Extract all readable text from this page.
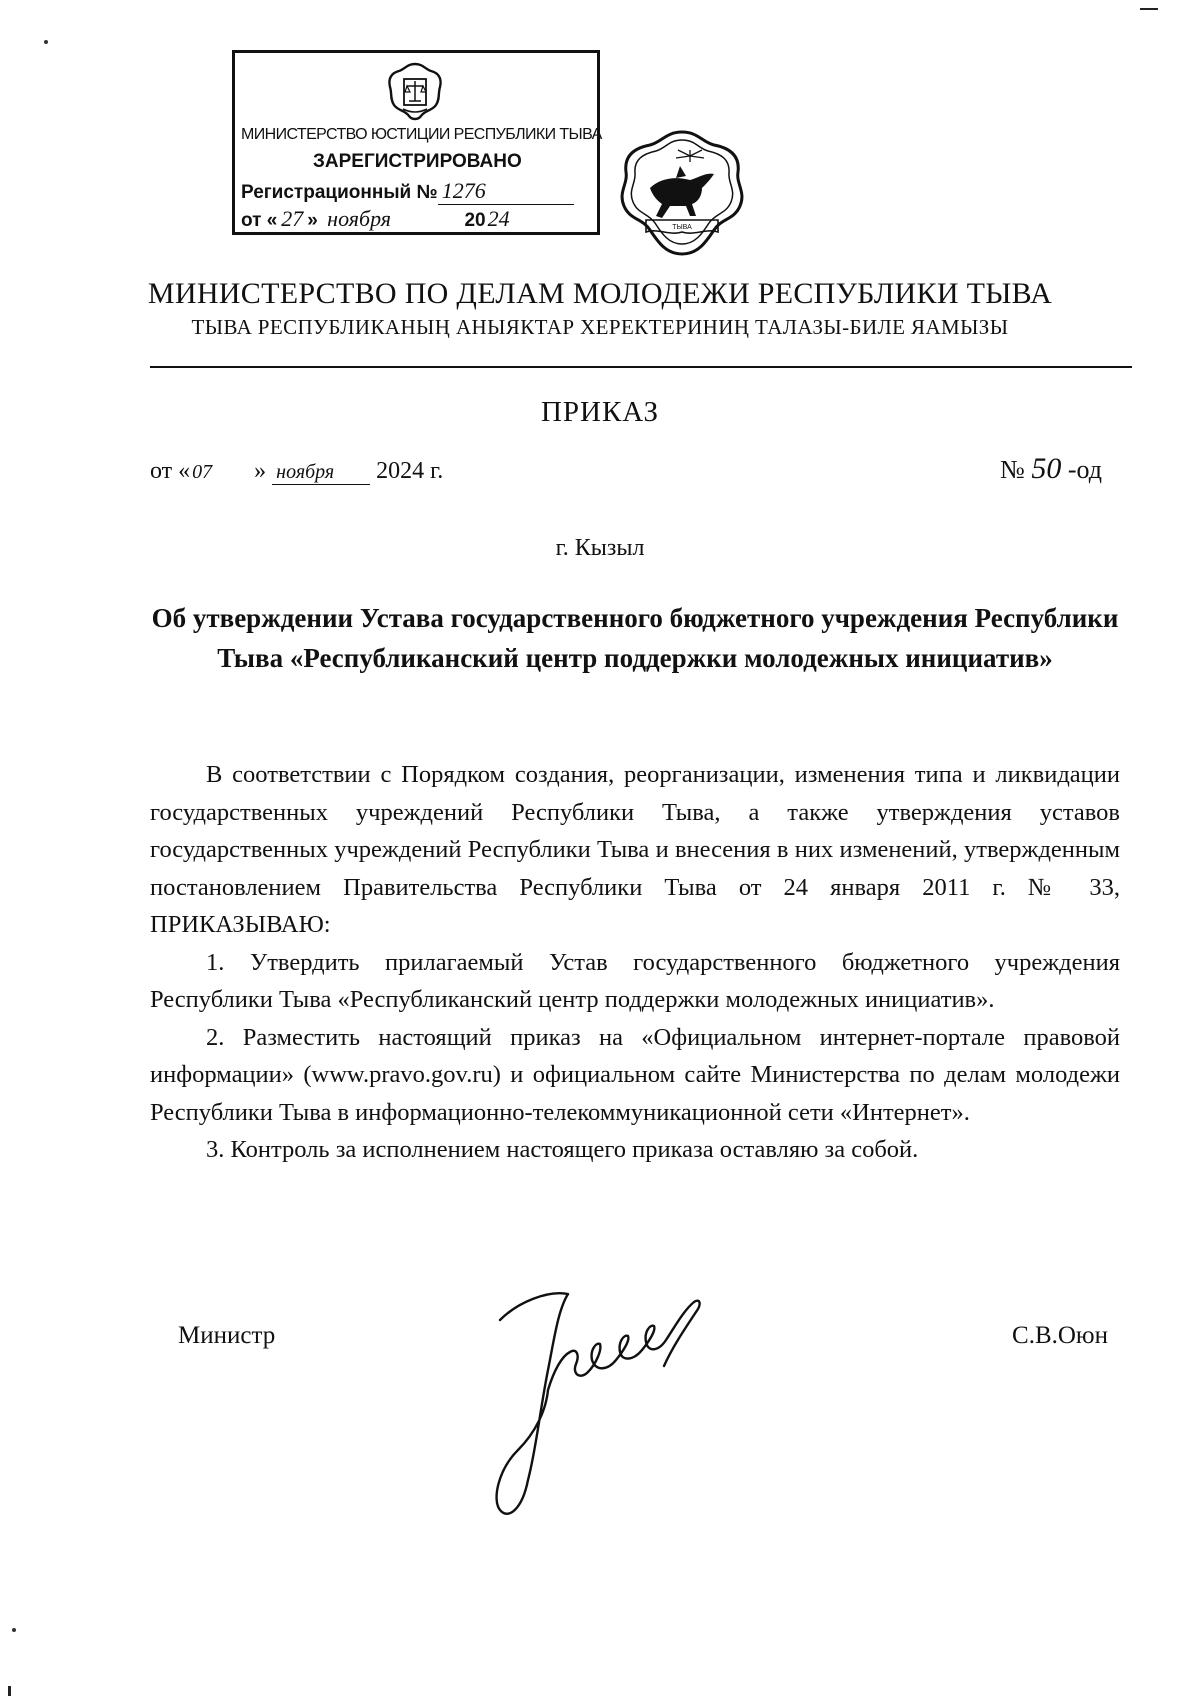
МИНИСТЕРСТВО ЮСТИЦИИ РЕСПУБЛИКИ ТЫВА
ЗАРЕГИСТРИРОВАНО
Регистрационный № 1276
от « 27 » ноября	2024	ТЫВА
МИНИСТЕРСТВО ПО ДЕЛАМ МОЛОДЕЖИ РЕСПУБЛИКИ ТЫВА
ТЫВА РЕСПУБЛИКАНЫҢ АНЫЯКТАР ХЕРЕКТЕРИНИҢ ТАЛАЗЫ-БИЛЕ ЯАМЫЗЫ
ПРИКАЗ
от « 07 » ноября 2024 г.	№ 50 -од
г. Кызыл
Об утверждении Устава государственного бюджетного учреждения Республики Тыва «Республиканский центр поддержки молодежных инициатив»

В соответствии с Порядком создания, реорганизации, изменения типа и ликвидации государственных учреждений Республики Тыва, а также утверждения уставов государственных учреждений Республики Тыва и внесения в них изменений, утвержденным постановлением Правительства Республики Тыва от 24 января 2011 г. № 33, ПРИКАЗЫВАЮ:

1. Утвердить прилагаемый Устав государственного бюджетного учреждения Республики Тыва «Республиканский центр поддержки молодежных инициатив».

2. Разместить настоящий приказ на «Официальном интернет-портале правовой информации» (www.pravo.gov.ru) и официальном сайте Министерства по делам молодежи Республики Тыва в информационно-телекоммуникационной сети «Интернет».

3. Контроль за исполнением настоящего приказа оставляю за собой.

Министр	С.В.Оюн
